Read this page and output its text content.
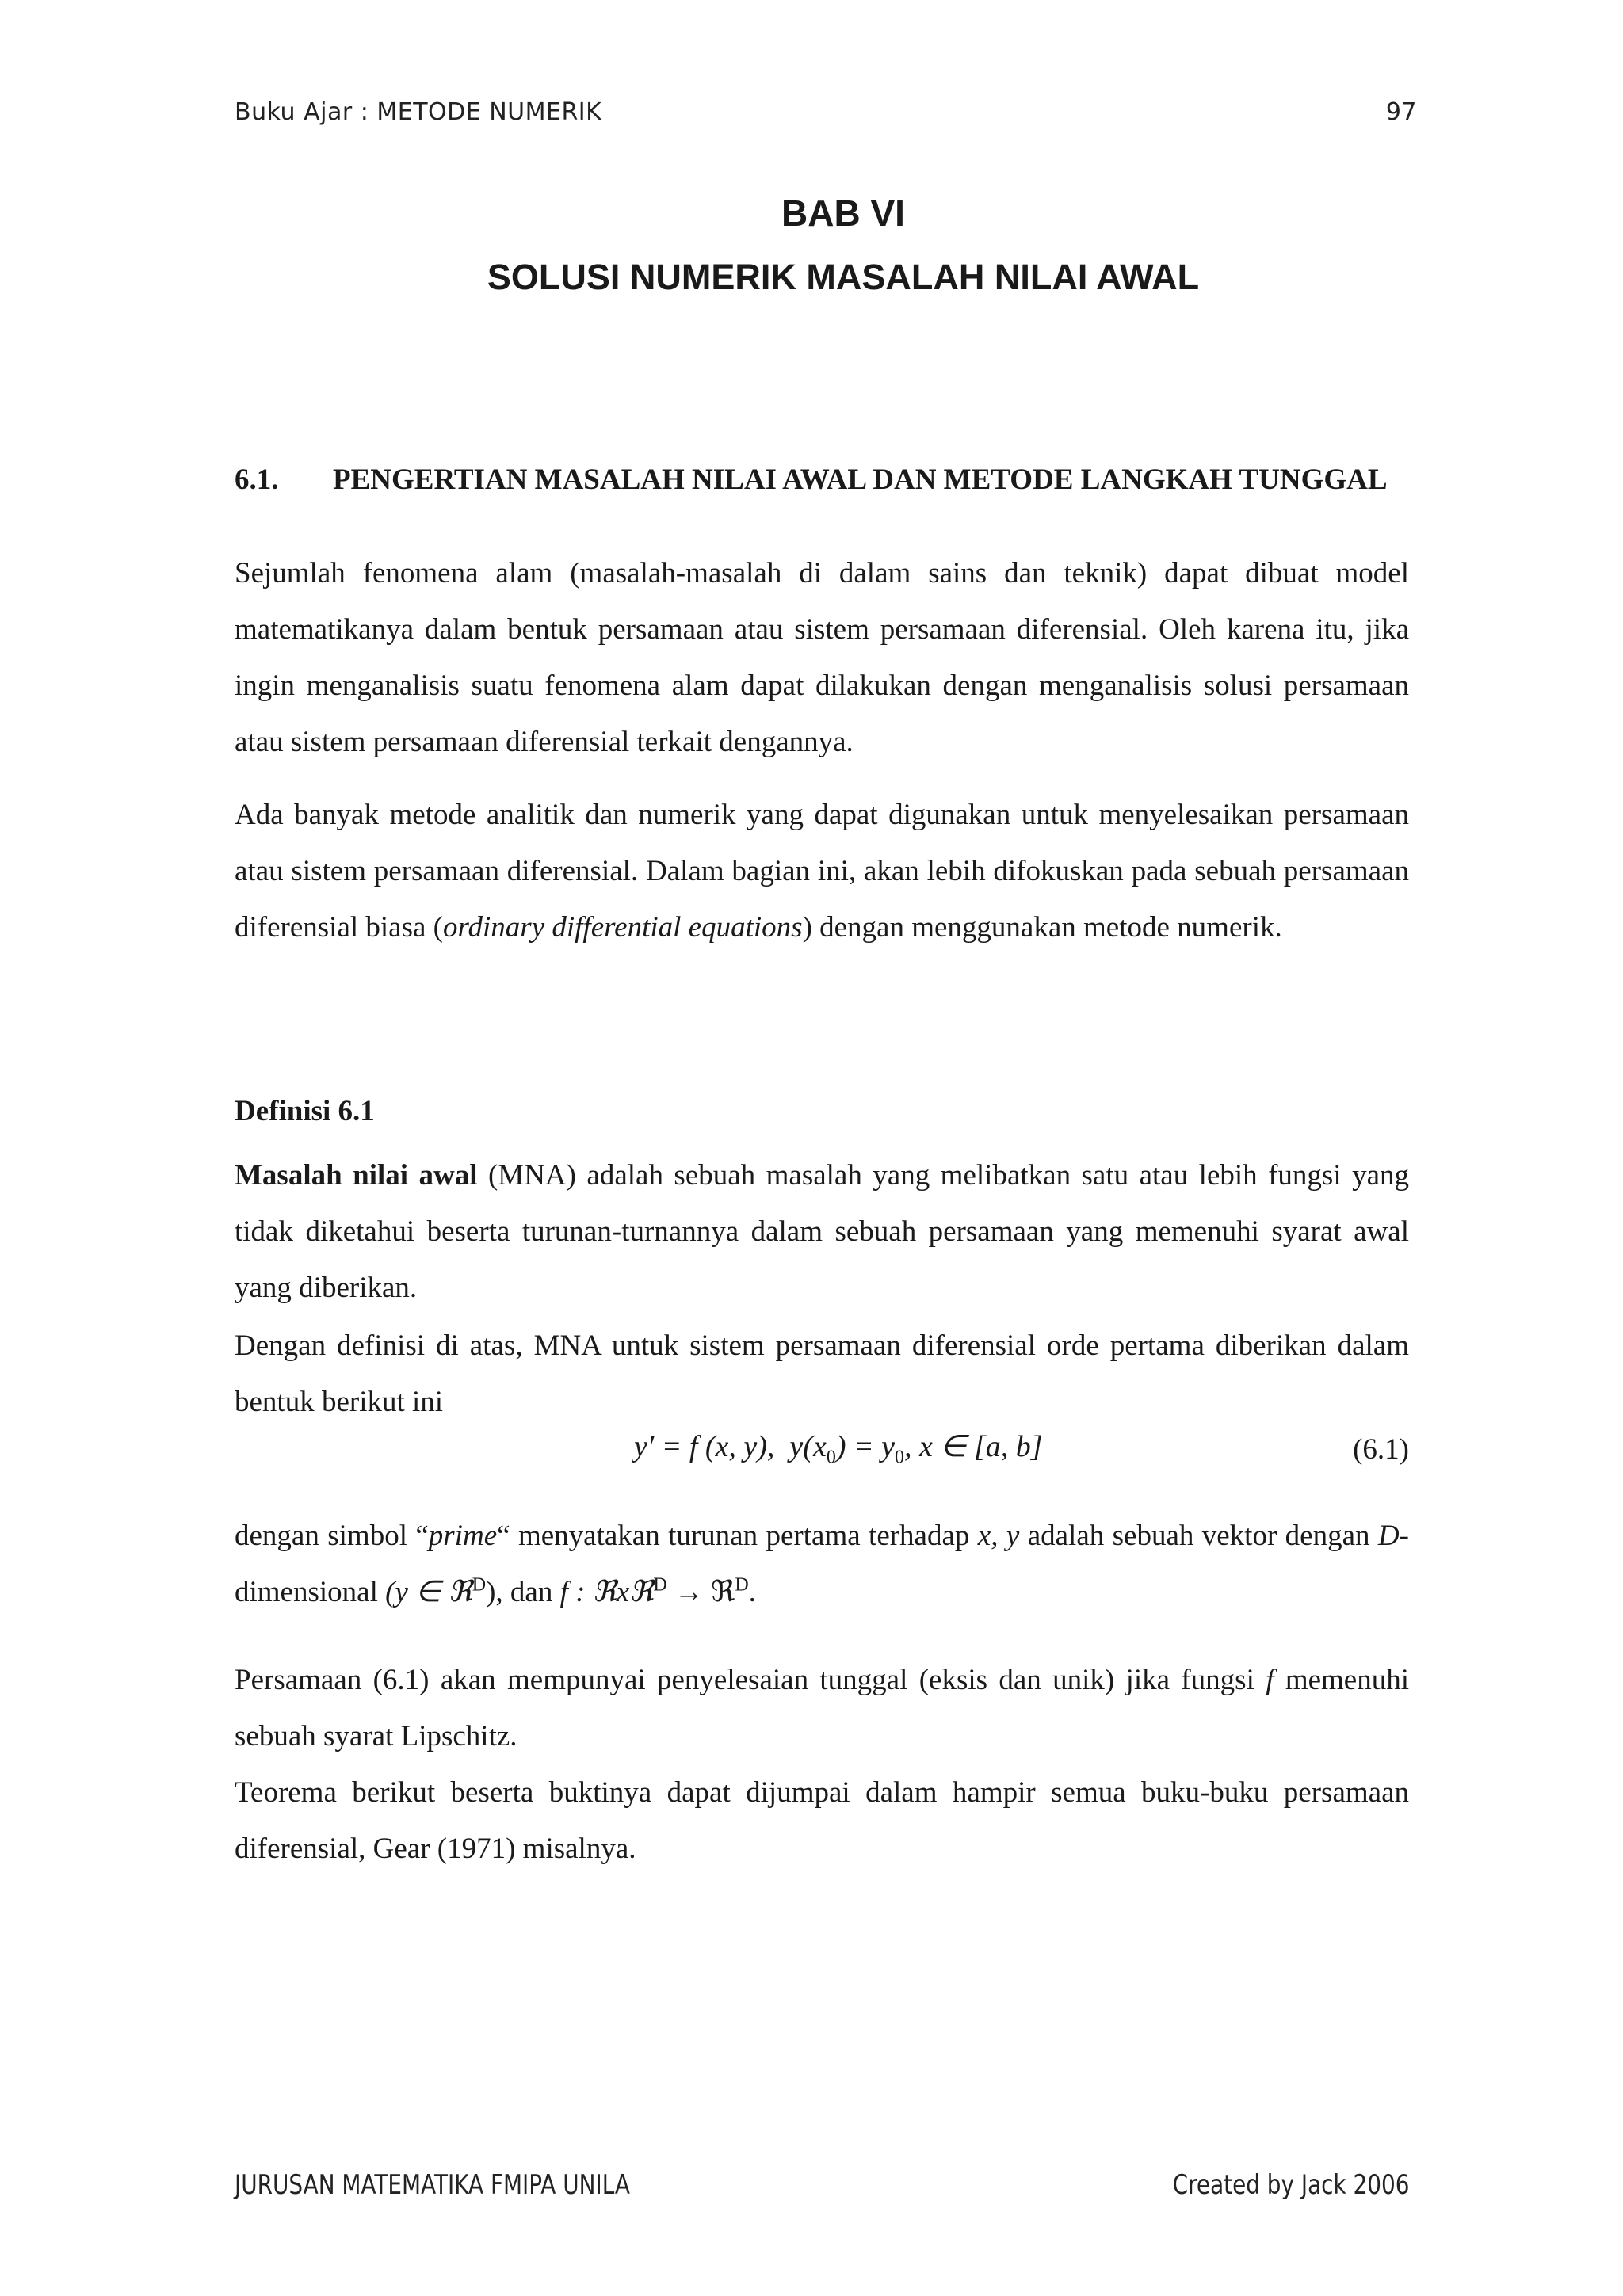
Buku Ajar : METODE NUMERIK	97
BAB VI
SOLUSI NUMERIK MASALAH NILAI AWAL
6.1. PENGERTIAN MASALAH NILAI AWAL DAN METODE LANGKAH TUNGGAL
Sejumlah fenomena alam (masalah-masalah di dalam sains dan teknik) dapat dibuat model matematikanya dalam bentuk persamaan atau sistem persamaan diferensial. Oleh karena itu, jika ingin menganalisis suatu fenomena alam dapat dilakukan dengan menganalisis solusi persamaan atau sistem persamaan diferensial terkait dengannya.
Ada banyak metode analitik dan numerik yang dapat digunakan untuk menyelesaikan persamaan atau sistem persamaan diferensial. Dalam bagian ini, akan lebih difokuskan pada sebuah persamaan diferensial biasa (ordinary differential equations) dengan menggunakan metode numerik.
Definisi 6.1
Masalah nilai awal (MNA) adalah sebuah masalah yang melibatkan satu atau lebih fungsi yang tidak diketahui beserta turunan-turnannya dalam sebuah persamaan yang memenuhi syarat awal yang diberikan.
Dengan definisi di atas, MNA untuk sistem persamaan diferensial orde pertama diberikan dalam bentuk berikut ini
y′ = f (x, y), $y(x_0) = y_0$, x ∈ [a, b]	(6.1)
dengan simbol “prime“ menyatakan turunan pertama terhadap x, y adalah sebuah vektor dengan D-dimensional (y ∈ ℜ$^D$), dan f : ℜxℜ$^D$ → ℜ$^D$.
Persamaan (6.1) akan mempunyai penyelesaian tunggal (eksis dan unik) jika fungsi f memenuhi sebuah syarat Lipschitz.
Teorema berikut beserta buktinya dapat dijumpai dalam hampir semua buku-buku persamaan diferensial, Gear (1971) misalnya.
JURUSAN MATEMATIKA FMIPA UNILA	Created by Jack 2006
